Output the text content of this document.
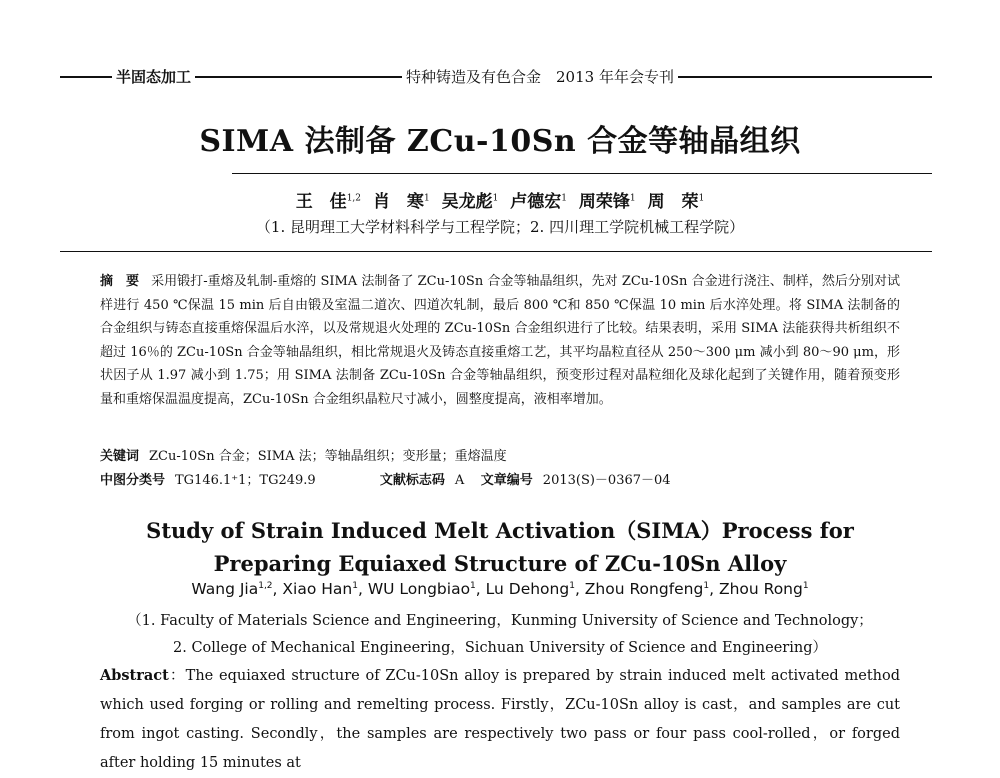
半固态加工	特种铸造及有色合金　2013 年年会专刊
SIMA 法制备 ZCu-10Sn 合金等轴晶组织
王　佳$^{1,2}$ 肖　寒$^1$ 吴龙彪$^1$ 卢德宏$^1$ 周荣锋$^1$ 周　荣$^1$
（1. 昆明理工大学材料科学与工程学院；2. 四川理工学院机械工程学院）
摘　要 采用锻打-重熔及轧制-重熔的 SIMA 法制备了 ZCu-10Sn 合金等轴晶组织，先对 ZCu-10Sn 合金进行浇注、制样，然后分别对试样进行 450 ℃保温 15 min 后自由锻及室温二道次、四道次轧制，最后 800 ℃和 850 ℃保温 10 min 后水淬处理。将 SIMA 法制备的合金组织与铸态直接重熔保温后水淬，以及常规退火处理的 ZCu-10Sn 合金组织进行了比较。结果表明，采用 SIMA 法能获得共析组织不超过 16％的 ZCu-10Sn 合金等轴晶组织，相比常规退火及铸态直接重熔工艺，其平均晶粒直径从 250～300 μm 减小到 80～90 μm，形状因子从 1.97 减小到 1.75；用 SIMA 法制备 ZCu-10Sn 合金等轴晶组织，预变形过程对晶粒细化及球化起到了关键作用，随着预变形量和重熔保温温度提高，ZCu-10Sn 合金组织晶粒尺寸减小，圆整度提高，液相率增加。
关键词 ZCu-10Sn 合金；SIMA 法；等轴晶组织；变形量；重熔温度
中图分类号 TG146.1⁺1；TG249.9	文献标志码 A 文章编号 2013(S)－0367－04
Study of Strain Induced Melt Activation（SIMA）Process for
Preparing Equiaxed Structure of ZCu-10Sn Alloy
Wang Jia$^{1,2}$, Xiao Han$^1$, WU Longbiao$^1$, Lu Dehong$^1$, Zhou Rongfeng$^1$, Zhou Rong$^1$
（1. Faculty of Materials Science and Engineering，Kunming University of Science and Technology；
2. College of Mechanical Engineering，Sichuan University of Science and Engineering）
Abstract：The equiaxed structure of ZCu-10Sn alloy is prepared by strain induced melt activated method which used forging or rolling and remelting process. Firstly，ZCu-10Sn alloy is cast，and samples are cut from ingot casting. Secondly，the samples are respectively two pass or four pass cool-rolled，or forged after holding 15 minutes at
